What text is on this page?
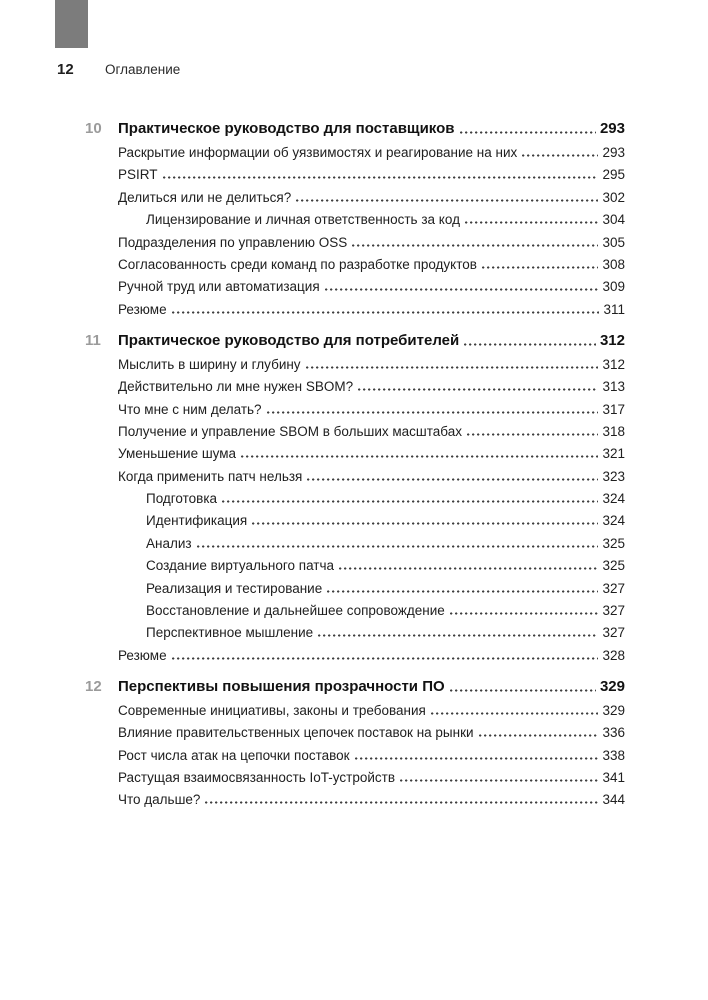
12	Оглавление
10	Практическое руководство для поставщиков	293
Раскрытие информации об уязвимостях и реагирование на них	293
PSIRT	295
Делиться или не делиться?	302
Лицензирование и личная ответственность за код	304
Подразделения по управлению OSS	305
Согласованность среди команд по разработке продуктов	308
Ручной труд или автоматизация	309
Резюме	311
11	Практическое руководство для потребителей	312
Мыслить в ширину и глубину	312
Действительно ли мне нужен SBOM?	313
Что мне с ним делать?	317
Получение и управление SBOM в больших масштабах	318
Уменьшение шума	321
Когда применить патч нельзя	323
Подготовка	324
Идентификация	324
Анализ	325
Создание виртуального патча	325
Реализация и тестирование	327
Восстановление и дальнейшее сопровождение	327
Перспективное мышление	327
Резюме	328
12	Перспективы повышения прозрачности ПО	329
Современные инициативы, законы и требования	329
Влияние правительственных цепочек поставок на рынки	336
Рост числа атак на цепочки поставок	338
Растущая взаимосвязанность IoT-устройств	341
Что дальше?	344
